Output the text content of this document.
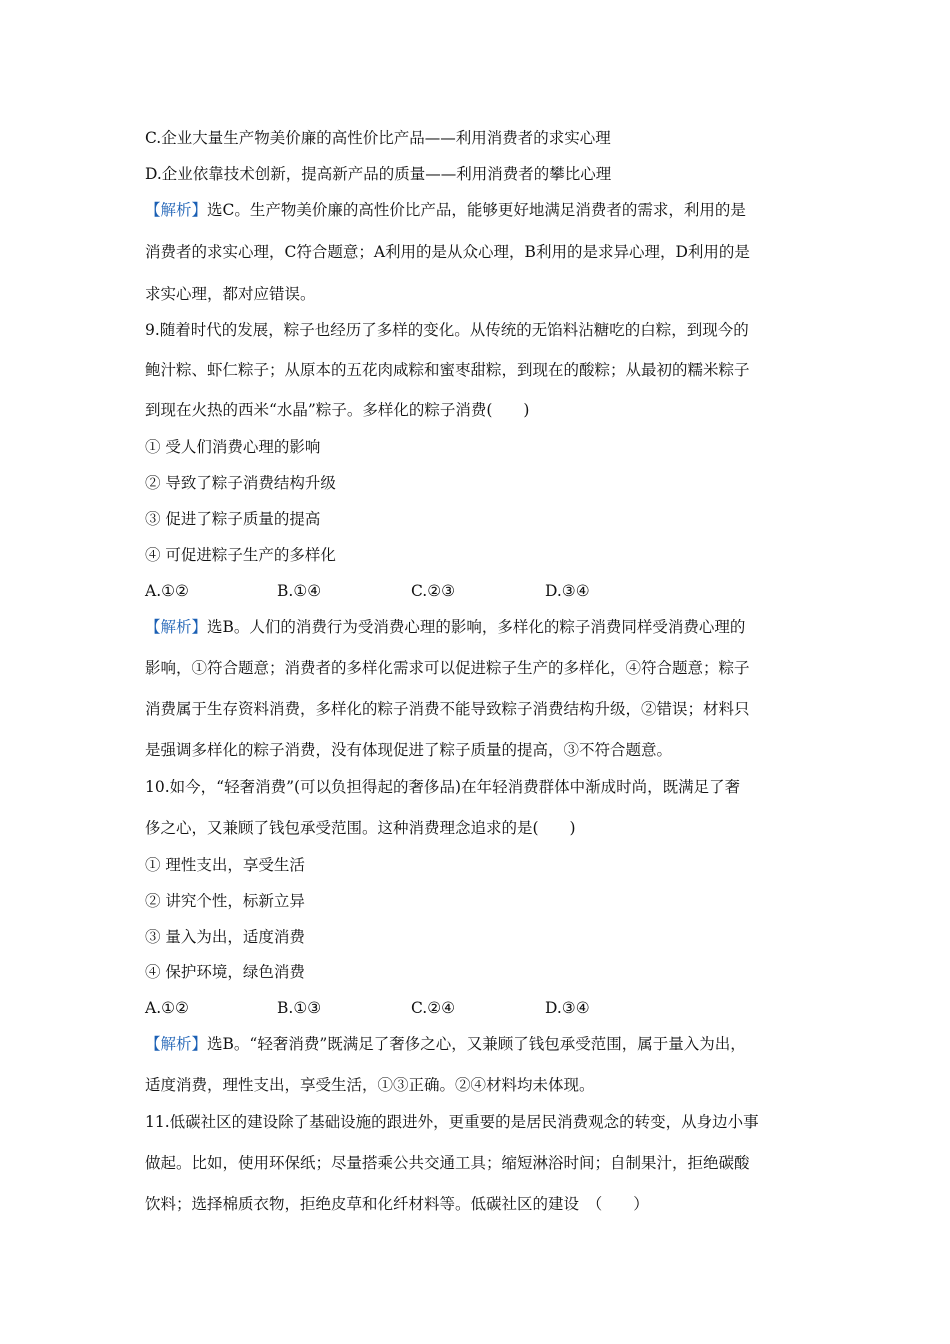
C.企业大量生产物美价廉的高性价比产品——利用消费者的求实心理
D.企业依靠技术创新，提高新产品的质量——利用消费者的攀比心理
【解析】选C。生产物美价廉的高性价比产品，能够更好地满足消费者的需求，利用的是
消费者的求实心理，C符合题意；A利用的是从众心理，B利用的是求异心理，D利用的是
求实心理，都对应错误。
9.随着时代的发展，粽子也经历了多样的变化。从传统的无馅料沾糖吃的白粽，到现今的
鲍汁粽、虾仁粽子；从原本的五花肉咸粽和蜜枣甜粽，到现在的酸粽；从最初的糯米粽子
到现在火热的西米“水晶”粽子。多样化的粽子消费(　　)
① 受人们消费心理的影响
② 导致了粽子消费结构升级
③ 促进了粽子质量的提高
④ 可促进粽子生产的多样化
A.①②	B.①④	C.②③	D.③④
【解析】选B。人们的消费行为受消费心理的影响，多样化的粽子消费同样受消费心理的
影响，①符合题意；消费者的多样化需求可以促进粽子生产的多样化，④符合题意；粽子
消费属于生存资料消费，多样化的粽子消费不能导致粽子消费结构升级，②错误；材料只
是强调多样化的粽子消费，没有体现促进了粽子质量的提高，③不符合题意。
10.如今，“轻奢消费”(可以负担得起的奢侈品)在年轻消费群体中渐成时尚，既满足了奢
侈之心，又兼顾了钱包承受范围。这种消费理念追求的是(　　)
① 理性支出，享受生活
② 讲究个性，标新立异
③ 量入为出，适度消费
④ 保护环境，绿色消费
A.①②	B.①③	C.②④	D.③④
【解析】选B。“轻奢消费”既满足了奢侈之心，又兼顾了钱包承受范围，属于量入为出，
适度消费，理性支出，享受生活，①③正确。②④材料均未体现。
11.低碳社区的建设除了基础设施的跟进外，更重要的是居民消费观念的转变，从身边小事
做起。比如，使用环保纸；尽量搭乘公共交通工具；缩短淋浴时间；自制果汁，拒绝碳酸
饮料；选择棉质衣物，拒绝皮草和化纤材料等。低碳社区的建设　（　　）
